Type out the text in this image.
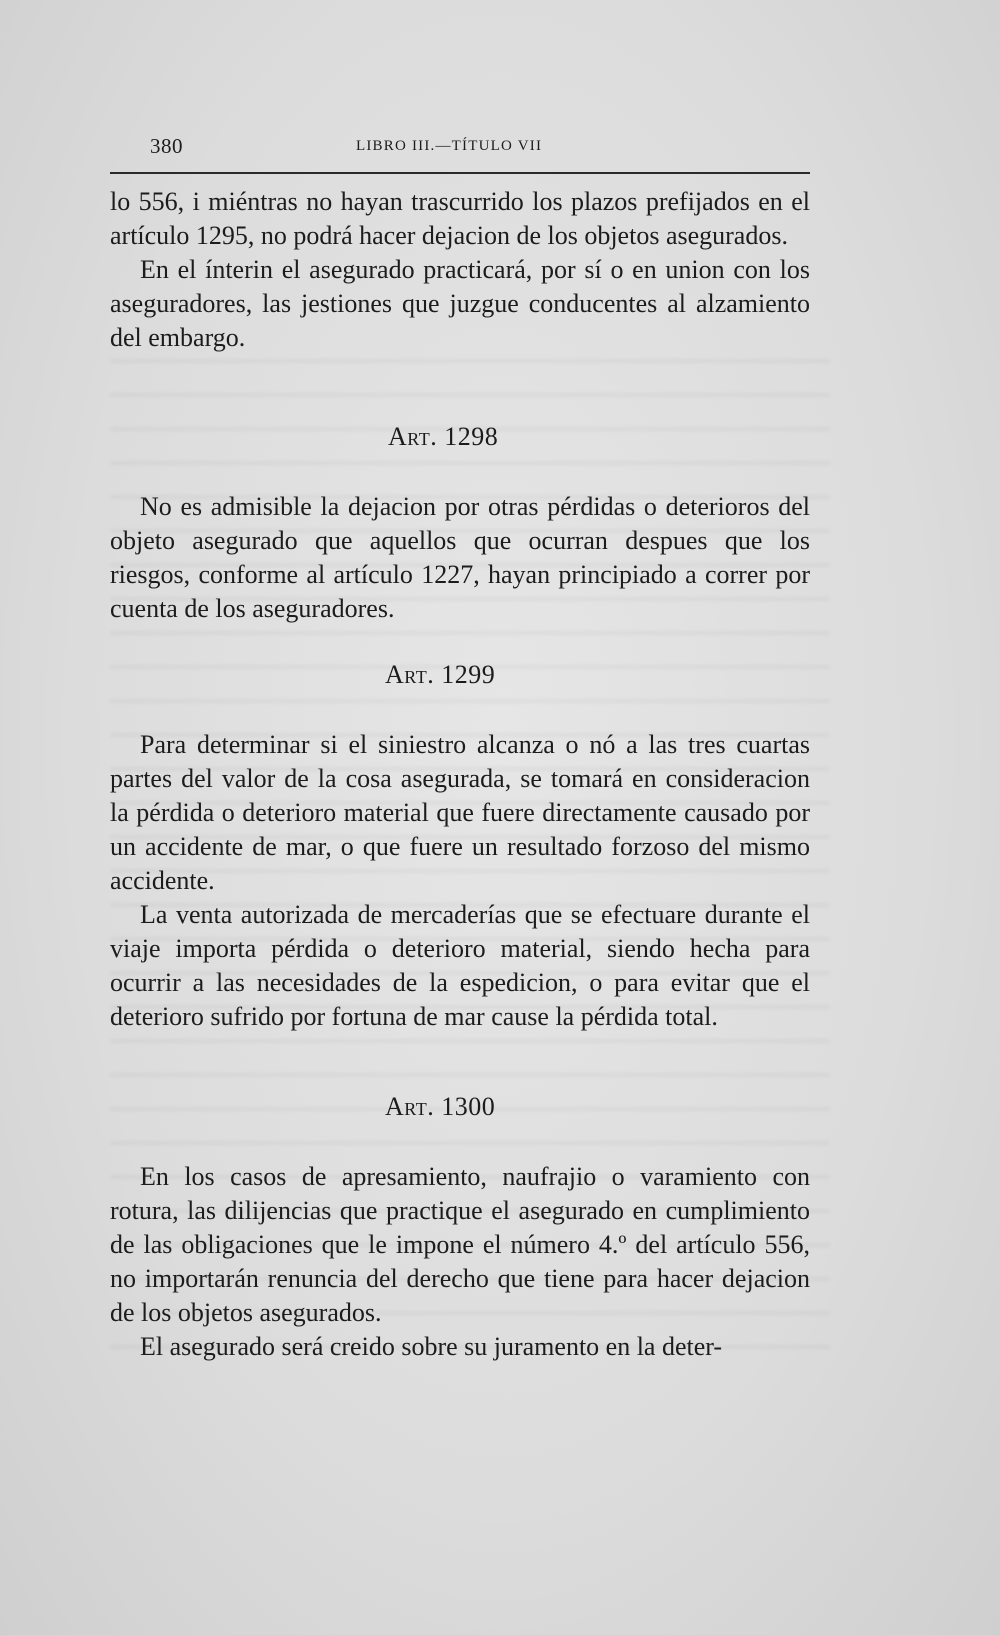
380	LIBRO III.—TÍTULO VII

lo 556, i miéntras no hayan trascurrido los plazos prefijados en el artículo 1295, no podrá hacer dejacion de los objetos asegurados.

En el ínterin el asegurado practicará, por sí o en union con los aseguradores, las jestiones que juzgue conducentes al alzamiento del embargo.

Art. 1298

No es admisible la dejacion por otras pérdidas o deterioros del objeto asegurado que aquellos que ocurran despues que los riesgos, conforme al artículo 1227, hayan principiado a correr por cuenta de los aseguradores.

Art. 1299

Para determinar si el siniestro alcanza o nó a las tres cuartas partes del valor de la cosa asegurada, se tomará en consideracion la pérdida o deterioro material que fuere directamente causado por un accidente de mar, o que fuere un resultado forzoso del mismo accidente.

La venta autorizada de mercaderías que se efectuare durante el viaje importa pérdida o deterioro material, siendo hecha para ocurrir a las necesidades de la espedicion, o para evitar que el deterioro sufrido por fortuna de mar cause la pérdida total.

Art. 1300

En los casos de apresamiento, naufrajio o varamiento con rotura, las dilijencias que practique el asegurado en cumplimiento de las obligaciones que le impone el número 4.º del artículo 556, no importarán renuncia del derecho que tiene para hacer dejacion de los objetos asegurados.

El asegurado será creido sobre su juramento en la deter-
